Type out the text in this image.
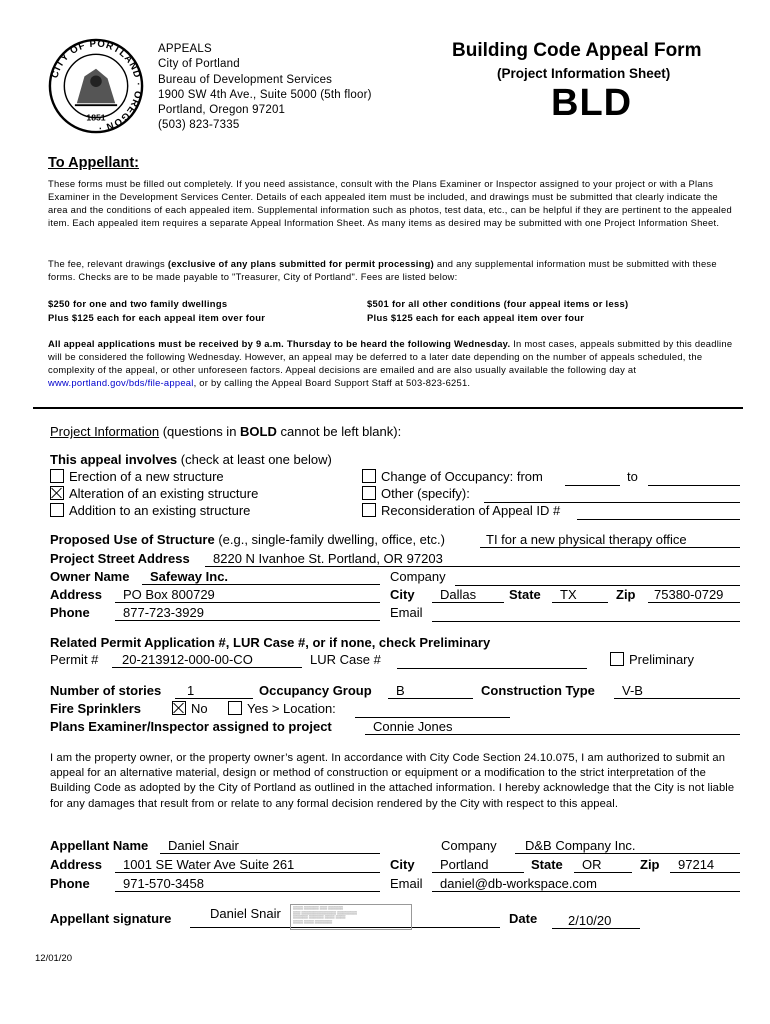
CITY OF PORTLAND · OREGON ·
1851
APPEALS
City of Portland
Bureau of Development Services
1900 SW 4th Ave., Suite 5000 (5th floor)
Portland, Oregon 97201
(503) 823-7335
Building Code Appeal Form
(Project Information Sheet)
BLD
To Appellant:
These forms must be filled out completely. If you need assistance, consult with the Plans Examiner or Inspector assigned to your project or with a Plans Examiner in the Development Services Center. Details of each appealed item must be included, and drawings must be submitted that clearly indicate the area and the conditions of each appealed item. Supplemental information such as photos, test data, etc., can be helpful if they are pertinent to the appealed item. Each appealed item requires a separate Appeal Information Sheet. As many items as desired may be submitted with one Project Information Sheet.
The fee, relevant drawings (exclusive of any plans submitted for permit processing) and any supplemental information must be submitted with these forms. Checks are to be made payable to "Treasurer, City of Portland". Fees are listed below:
$250 for one and two family dwellings
Plus $125 each for each appeal item over four
$501 for all other conditions (four appeal items or less)
Plus $125 each for each appeal item over four
All appeal applications must be received by 9 a.m. Thursday to be heard the following Wednesday. In most cases, appeals submitted by this deadline will be considered the following Wednesday. However, an appeal may be deferred to a later date depending on the number of appeals scheduled, the complexity of the appeal, or other unforeseen factors. Appeal decisions are emailed and are also usually available the following day at www.portland.gov/bds/file-appeal, or by calling the Appeal Board Support Staff at 503-823-6251.
Project Information (questions in BOLD cannot be left blank):
This appeal involves (check at least one below)
Erection of a new structure
Alteration of an existing structure
Addition to an existing structure
Change of Occupancy: from	to
Other (specify):
Reconsideration of Appeal ID #
Proposed Use of Structure (e.g., single-family dwelling, office, etc.)	TI for a new physical therapy office
Project Street Address	8220 N Ivanhoe St. Portland, OR 97203
Owner Name	Safeway Inc.	Company
Address	PO Box 800729	City	Dallas	State	TX	Zip	75380-0729
Phone	877-723-3929	Email
Related Permit Application #, LUR Case #, or if none, check Preliminary
Permit #	20-213912-000-00-CO	LUR Case #	Preliminary
Number of stories	1	Occupancy Group	B	Construction Type	V-B
Fire Sprinklers	No	Yes > Location:
Plans Examiner/Inspector assigned to project	Connie Jones
I am the property owner, or the property owner’s agent. In accordance with City Code Section 24.10.075, I am authorized to submit an appeal for an alternative material, design or method of construction or equipment or a modification to the strict interpretation of the Building Code as adopted by the City of Portland as outlined in the attached information. I hereby acknowledge that the City is not liable for any damages that result from or relate to any formal decision rendered by the City with respect to this appeal.
Appellant Name	Daniel Snair	Company	D&B Company Inc.
Address	1001 SE Water Ave Suite 261	City	Portland	State	OR	Zip	97214
Phone	971-570-3458	Email	daniel@db-workspace.com
Appellant signature	Daniel Snair	▒▒▒▒ ▒▒▒▒▒▒ ▒▒▒ ▒▒▒▒▒▒
▒▒▒ ▒▒▒▒▒▒▒▒▒▒▒▒▒▒ ▒▒▒▒▒▒▒▒
▒▒▒▒▒▒ ▒▒▒▒▒▒ ▒▒▒▒ ▒▒▒▒
▒▒▒▒ ▒▒▒▒ ▒▒▒▒▒▒▒	Date	2/10/20
12/01/20
